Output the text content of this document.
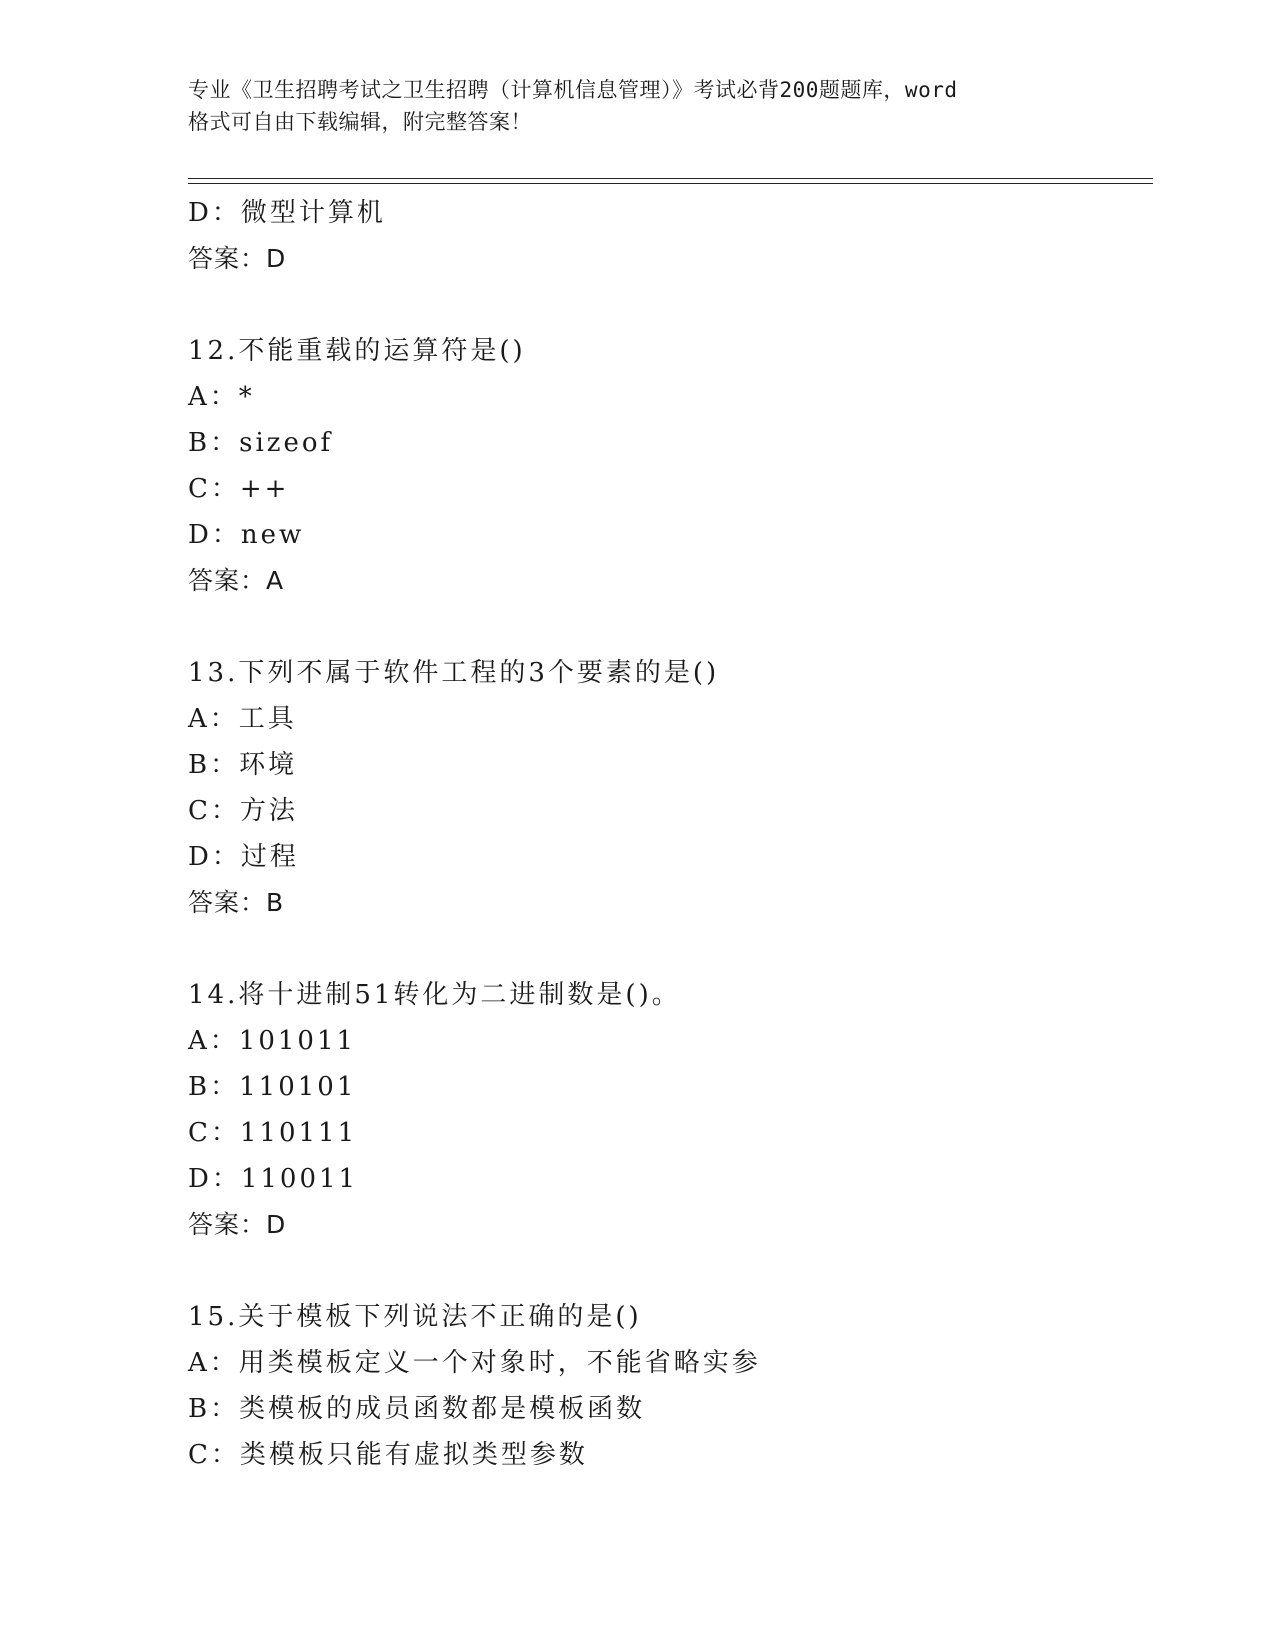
专业《卫生招聘考试之卫生招聘（计算机信息管理）》考试必背200题题库，word
格式可自由下载编辑，附完整答案！
D：微型计算机
答案：D
12.不能重载的运算符是()
A：*
B：sizeof
C：++
D：new
答案：A
13.下列不属于软件工程的3个要素的是()
A：工具
B：环境
C：方法
D：过程
答案：B
14.将十进制51转化为二进制数是()。
A：101011
B：110101
C：110111
D：110011
答案：D
15.关于模板下列说法不正确的是()
A：用类模板定义一个对象时，不能省略实参
B：类模板的成员函数都是模板函数
C：类模板只能有虚拟类型参数
